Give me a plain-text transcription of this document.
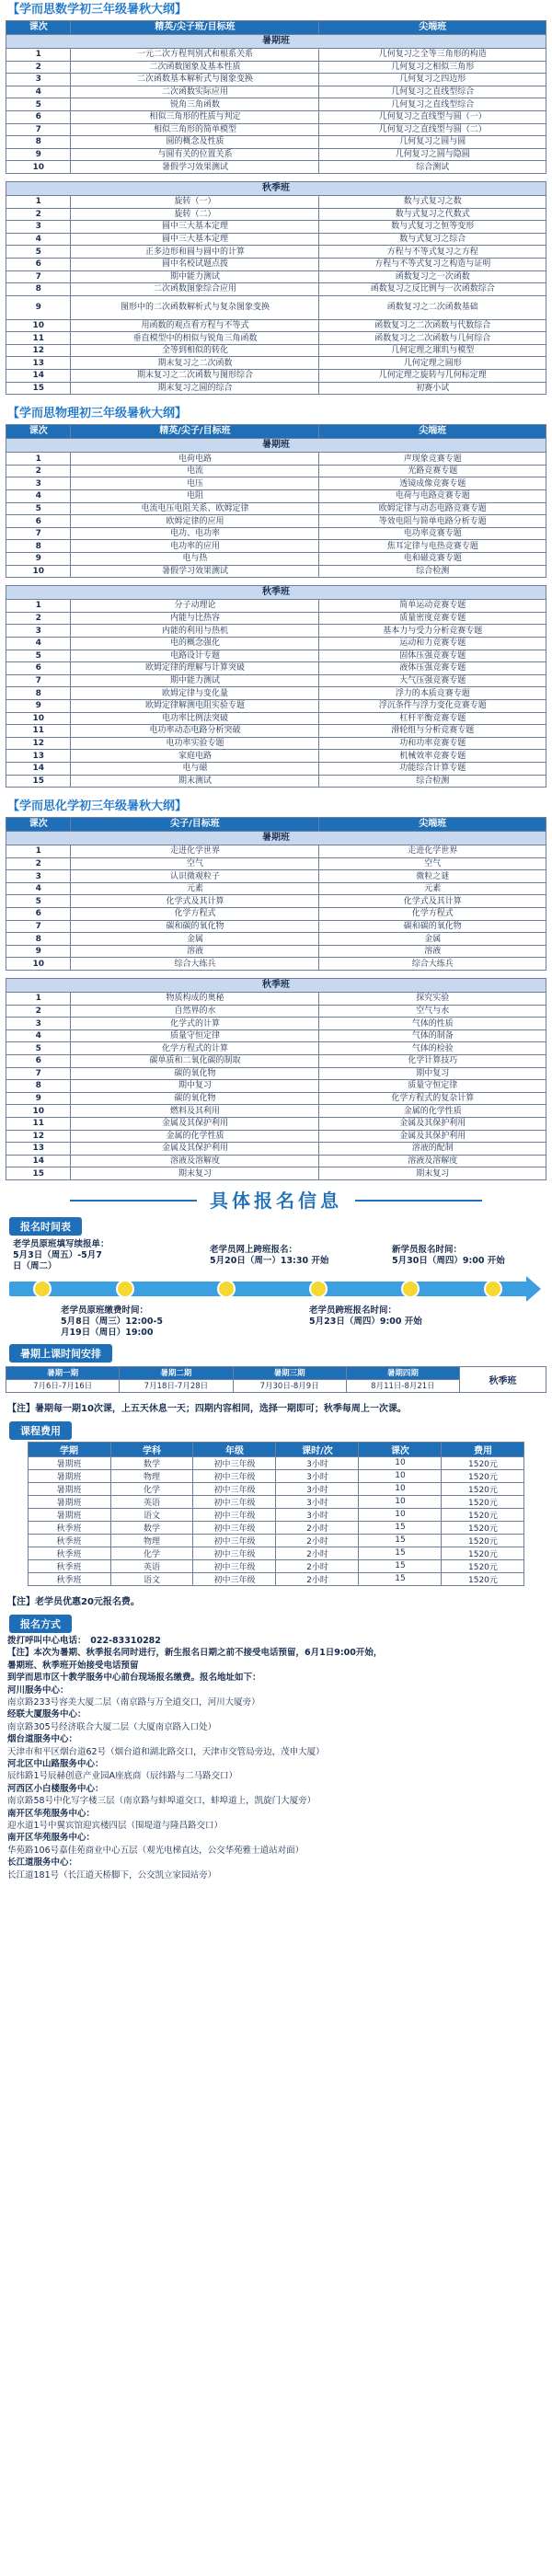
【学而思数学初三年级暑秋大纲】
课次	精英/尖子班/目标班	尖端班
暑期班		
1	一元二次方程判别式和根系关系	几何复习之全等三角形的构造
2	二次函数图象及基本性质	几何复习之相似三角形
3	二次函数基本解析式与图象变换	几何复习之四边形
4	二次函数实际应用	几何复习之直线型综合
5	锐角三角函数	几何复习之直线型综合
6	相似三角形的性质与判定	几何复习之直线型与圆（一）
7	相似三角形的简单模型	几何复习之直线型与圆（二）
8	圆的概念及性质	几何复习之圆与圆
9	与圆有关的位置关系	几何复习之圆与隐圆
10	暑假学习效果测试	综合测试
秋季班		
1	旋转（一）	数与式复习之数
2	旋转（二）	数与式复习之代数式
3	圆中三大基本定理	数与式复习之恒等变形
4	圆中三大基本定理	数与式复习之综合
5	正多边形和圆与圆中的计算	方程与不等式复习之方程
6	圆中名校试题点拨	方程与不等式复习之构造与证明
7	期中能力测试	函数复习之一次函数
8	二次函数图象综合应用	函数复习之反比例与一次函数综合
9	图形中的二次函数解析式与复杂图象变换	函数复习之二次函数基础
10	用函数的观点看方程与不等式	函数复习之二次函数与代数综合
11	垂直模型中的相似与锐角三角函数	函数复习之二次函数与几何综合
12	全等到相似的转化	几何定理之璀玑与模型
13	期末复习之二次函数	几何定理之圆形
14	期末复习之二次函数与图形综合	几何定理之旋转与几何标定理
15	期末复习之圆的综合	初赛小试
【学而思物理初三年级暑秋大纲】
课次	精英/尖子/目标班	尖端班
暑期班		
1	电荷电路	声现象竞赛专题
2	电流	光路竞赛专题
3	电压	透镜成像竞赛专题
4	电阻	电荷与电路竞赛专题
5	电流电压电阻关系、欧姆定律	欧姆定律与动态电路竞赛专题
6	欧姆定律的应用	等效电阻与简单电路分析专题
7	电功、电功率	电功率竞赛专题
8	电功率的应用	焦耳定律与电热竞赛专题
9	电与热	电和磁竞赛专题
10	暑假学习效果测试	综合检测
秋季班		
1	分子动理论	简单运动竞赛专题
2	内能与比热容	质量密度竞赛专题
3	内能的利用与热机	基本力与受力分析竞赛专题
4	电的概念强化	运动和力竞赛专题
5	电路设计专题	固体压强竞赛专题
6	欧姆定律的理解与计算突破	液体压强竞赛专题
7	期中能力测试	大气压强竞赛专题
8	欧姆定律与变化量	浮力的本质竞赛专题
9	欧姆定律解测电阻实验专题	浮沉条件与浮力变化竞赛专题
10	电功率比例法突破	杠杆平衡竞赛专题
11	电功率动态电路分析突破	滑轮组与分析竞赛专题
12	电功率实验专题	功和功率竞赛专题
13	家庭电路	机械效率竞赛专题
14	电与磁	功能综合计算专题
15	期末测试	综合检测
【学而思化学初三年级暑秋大纲】
课次	尖子/目标班	尖端班
暑期班		
1	走进化学世界	走进化学世界
2	空气	空气
3	认识微观粒子	微粒之谜
4	元素	元素
5	化学式及其计算	化学式及其计算
6	化学方程式	化学方程式
7	碳和碳的氧化物	碳和碳的氧化物
8	金属	金属
9	溶液	溶液
10	综合大练兵	综合大练兵
秋季班		
1	物质构成的奥秘	探究实验
2	自然界的水	空气与水
3	化学式的计算	气体的性质
4	质量守恒定律	气体的制备
5	化学方程式的计算	气体的检验
6	碳单质和二氧化碳的制取	化学计算技巧
7	碳的氧化物	期中复习
8	期中复习	质量守恒定律
9	碳的氧化物	化学方程式的复杂计算
10	燃料及其利用	金属的化学性质
11	金属及其保护利用	金属及其保护利用
12	金属的化学性质	金属及其保护利用
13	金属及其保护利用	溶液的配制
14	溶液及溶解度	溶液及溶解度
15	期末复习	期末复习
具体报名信息
报名时间表
老学员原班填写续报单：
5月3日（周五）-5月7
日（周二）
老学员网上跨班报名：
5月20日（周一）13:30 开始
新学员报名时间：
5月30日（周四）9:00 开始
老学员原班缴费时间：
5月8日（周三）12:00-5
月19日（周日）19:00
老学员跨班报名时间：
5月23日（周四）9:00 开始
暑期上课时间安排
暑期一期	暑期二期	暑期三期	暑期四期	秋季班
7月6日-7月16日	7月18日-7月28日	7月30日-8月9日	8月11日-8月21日	
【注】暑期每一期10次课，上五天休息一天；四期内容相同，选择一期即可；秋季每周上一次课。
课程费用
学期	学科	年级	课时/次	课次	费用
暑期班	数学	初中三年级	3小时	10	1520元
暑期班	物理	初中三年级	3小时	10	1520元
暑期班	化学	初中三年级	3小时	10	1520元
暑期班	英语	初中三年级	3小时	10	1520元
暑期班	语文	初中三年级	3小时	10	1520元
秋季班	数学	初中三年级	2小时	15	1520元
秋季班	物理	初中三年级	2小时	15	1520元
秋季班	化学	初中三年级	2小时	15	1520元
秋季班	英语	初中三年级	2小时	15	1520元
秋季班	语文	初中三年级	2小时	15	1520元
【注】老学员优惠20元报名费。
报名方式
拨打呼叫中心电话：　022-83310282
【注】本次为暑期、秋季报名同时进行，新生报名日期之前不接受电话预留，6月1日9:00开始，
暑期班、秋季班开始接受电话预留
到学而思市区十教学服务中心前台现场报名缴费。报名地址如下：
河川服务中心：
南京路233号容美大厦二层（南京路与万全道交口，河川大厦旁）
经联大厦服务中心：
南京路305号经济联合大厦二层（大厦南京路入口处）
烟台道服务中心：
天津市和平区烟台道62号（烟台道和湖北路交口，天津市交管局旁边，茂申大厦）
河北区中山路服务中心：
辰纬路1号辰赫创意产业园A座底商（辰纬路与二马路交口）
河西区小白楼服务中心：
南京路58号中化写字楼三层（南京路与蚌埠道交口，蚌埠道上，凯旋门大厦旁）
南开区华苑服务中心：
迎水道1号中翼宾馆迎宾楼四层（围堤道与隆昌路交口）
南开区华苑服务中心：
华苑路106号嘉佳苑商业中心五层（观光电梯直达，公交华苑雅士道站对面）
长江道服务中心：
长江道181号（长江道天桥脚下，公交凯立家园站旁）
